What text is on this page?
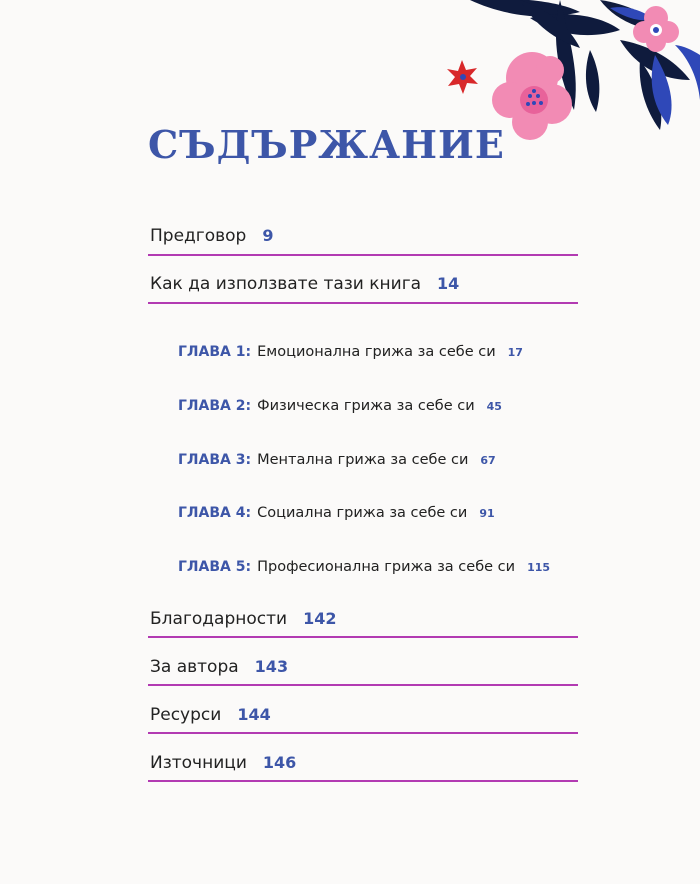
СЪДЪРЖАНИЕ
Предговор 9
Как да използвате тази книга 14
ГЛАВА 1: Емоционална грижа за себе си 17
ГЛАВА 2: Физическа грижа за себе си 45
ГЛАВА 3: Ментална грижа за себе си 67
ГЛАВА 4: Социална грижа за себе си 91
ГЛАВА 5: Професионална грижа за себе си 115
Благодарности 142
За автора 143
Ресурси 144
Източници 146
